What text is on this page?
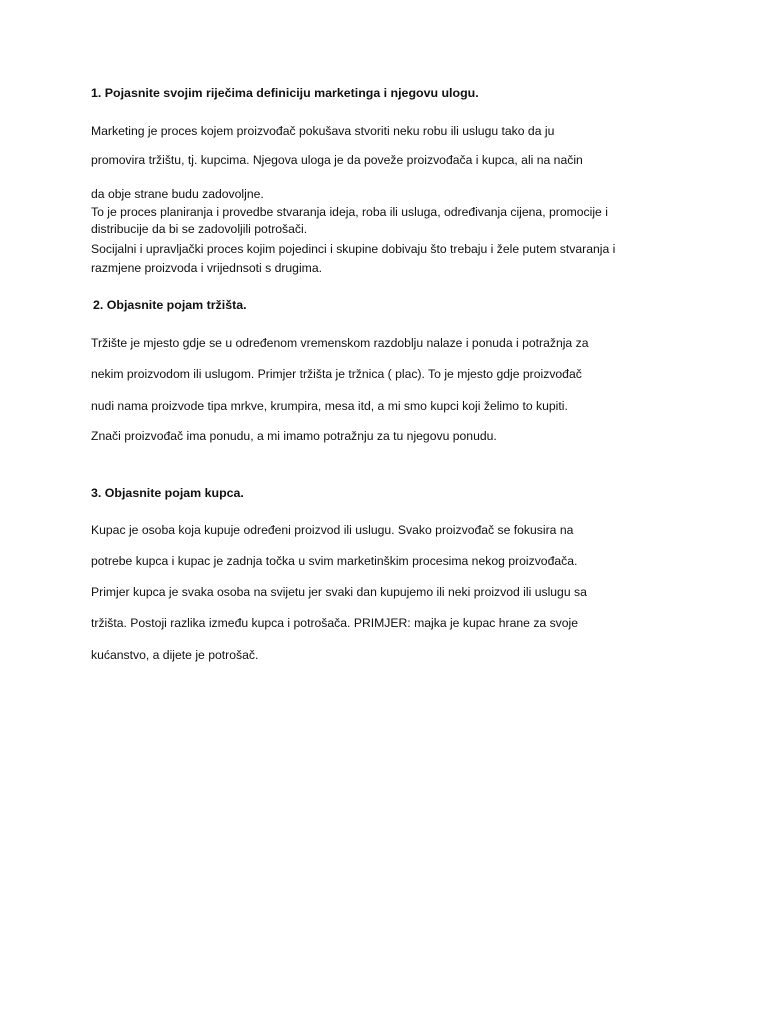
1. Pojasnite svojim riječima definiciju marketinga i njegovu ulogu.
Marketing je proces kojem proizvođač pokušava stvoriti neku robu ili uslugu tako da ju
promovira tržištu, tj. kupcima. Njegova uloga je da poveže proizvođača i kupca, ali na način
da obje strane budu zadovoljne.
To je proces planiranja i provedbe stvaranja ideja, roba ili usluga, određivanja cijena, promocije i
distribucije da bi se zadovoljili potrošači.
Socijalni i upravljački proces kojim pojedinci i skupine dobivaju što trebaju i žele putem stvaranja i
razmjene proizvoda i vrijednsoti s drugima.
2. Objasnite pojam tržišta.
Tržište je mjesto gdje se u određenom vremenskom razdoblju nalaze i ponuda i potražnja za
nekim proizvodom ili uslugom. Primjer tržišta je tržnica ( plac). To je mjesto gdje proizvođač
nudi nama proizvode tipa mrkve, krumpira, mesa itd, a mi smo kupci koji želimo to kupiti.
Znači proizvođač ima ponudu, a mi imamo potražnju za tu njegovu ponudu.
3. Objasnite pojam kupca.
Kupac je osoba koja kupuje određeni proizvod ili uslugu. Svako proizvođač se fokusira na
potrebe kupca i kupac je zadnja točka u svim marketinškim procesima nekog proizvođača.
Primjer kupca je svaka osoba na svijetu jer svaki dan kupujemo ili neki proizvod ili uslugu sa
tržišta. Postoji razlika između kupca i potrošača. PRIMJER: majka je kupac hrane za svoje
kućanstvo, a dijete je potrošač.
